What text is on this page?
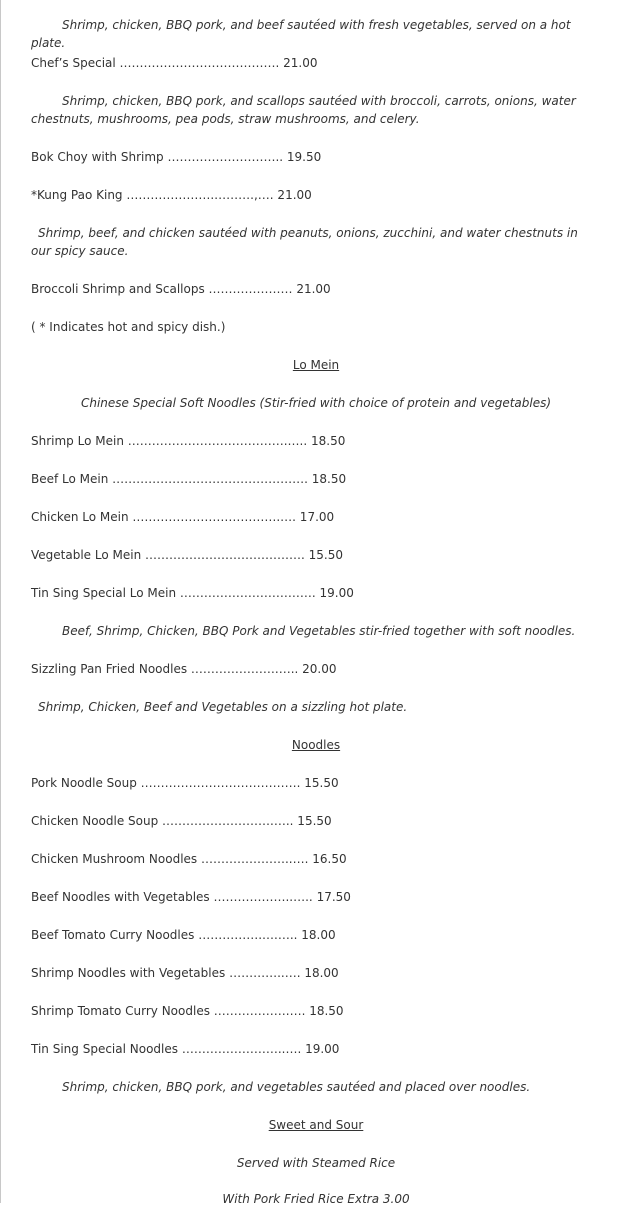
Shrimp, chicken, BBQ pork, and beef sautéed with fresh vegetables, served on a hot plate.
Chef’s Special …………………………………. 21.00
Shrimp, chicken, BBQ pork, and scallops sautéed with broccoli, carrots, onions, water chestnuts, mushrooms, pea pods, straw mushrooms, and celery.
Bok Choy with Shrimp ……………………….. 19.50
*Kung Pao King ………………….……….,…. 21.00
Shrimp, beef, and chicken sautéed with peanuts, onions, zucchini, and water chestnuts in our spicy sauce.
Broccoli Shrimp and Scallops ………………… 21.00
( * Indicates hot and spicy dish.)
Lo Mein
Chinese Special Soft Noodles (Stir-fried with choice of protein and vegetables)
Shrimp Lo Mein ………………………………….….. 18.50
Beef Lo Mein …………………………………………. 18.50
Chicken Lo Mein ……………………………….…. 17.00
Vegetable Lo Mein …………………………………. 15.50
Tin Sing Special Lo Mein ……………………………. 19.00
Beef, Shrimp, Chicken, BBQ Pork and Vegetables stir-fried together with soft noodles.
Sizzling Pan Fried Noodles ………………….….. 20.00
Shrimp, Chicken, Beef and Vegetables on a sizzling hot plate.
Noodles
Pork Noodle Soup …………………………………. 15.50
Chicken Noodle Soup ……………………….….. 15.50
Chicken Mushroom Noodles …………………..…. 16.50
Beef Noodles with Vegetables ………………..….. 17.50
Beef Tomato Curry Noodles …………….….….. 18.00
Shrimp Noodles with Vegetables …………..…. 18.00
Shrimp Tomato Curry Noodles ……………….…. 18.50
Tin Sing Special Noodles ……………………..…. 19.00
Shrimp, chicken, BBQ pork, and vegetables sautéed and placed over noodles.
Sweet and Sour
Served with Steamed Rice
With Pork Fried Rice Extra 3.00
